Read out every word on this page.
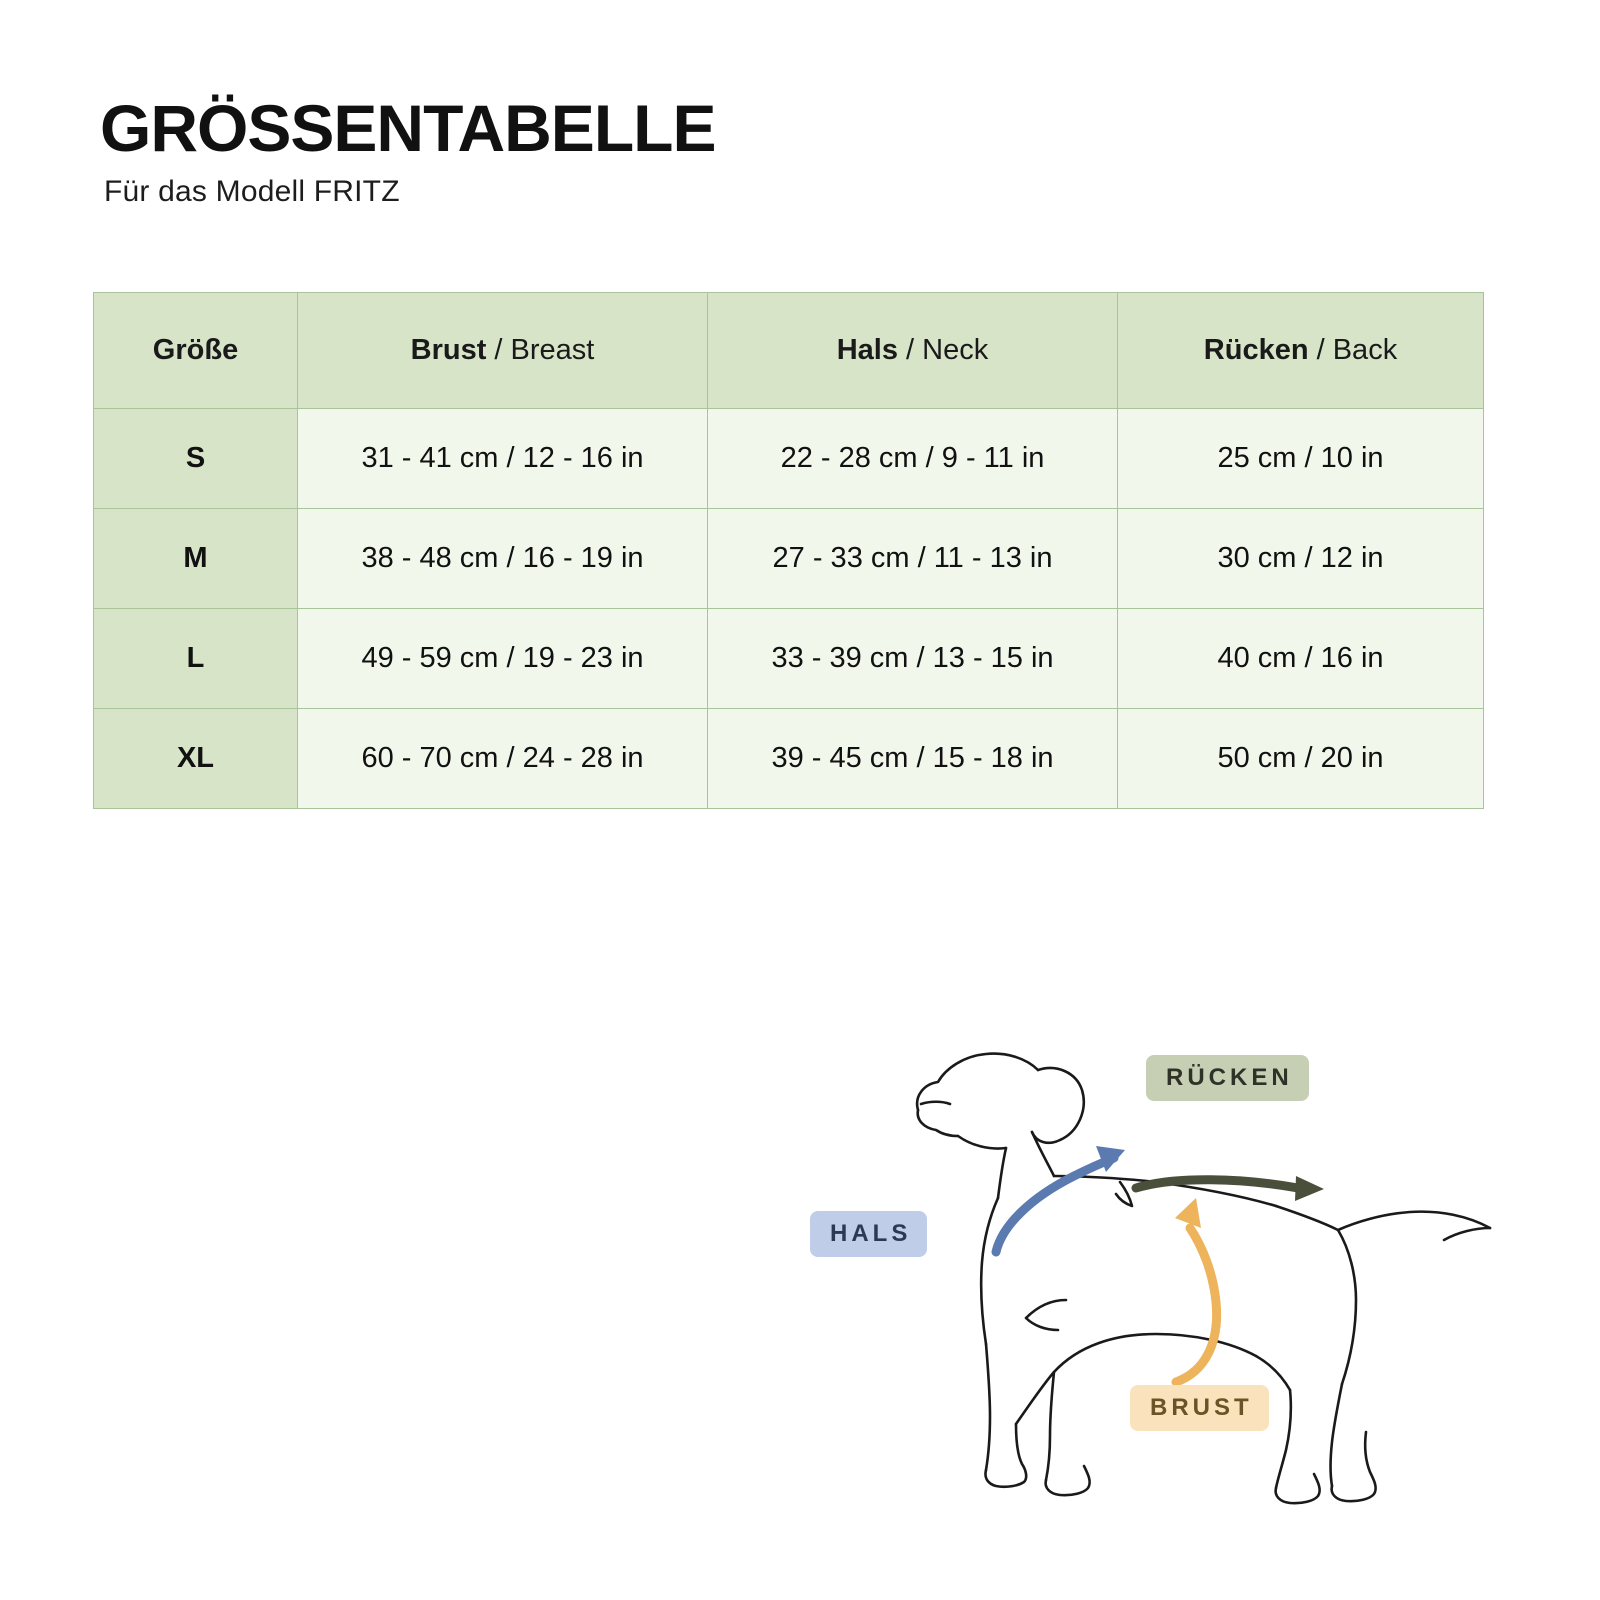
GRÖSSENTABELLE
Für das Modell FRITZ
Größe	Brust / Breast	Hals / Neck	Rücken / Back
S	31 - 41 cm / 12 - 16 in	22 - 28 cm / 9 - 11 in	25 cm / 10 in
M	38 - 48 cm / 16 - 19 in	27 - 33 cm / 11 - 13 in	30 cm / 12 in
L	49 - 59 cm / 19 - 23 in	33 - 39 cm / 13 - 15 in	40 cm / 16 in
XL	60 - 70 cm / 24 - 28 in	39 - 45 cm / 15 - 18 in	50 cm / 20 in
RÜCKEN
HALS
BRUST
